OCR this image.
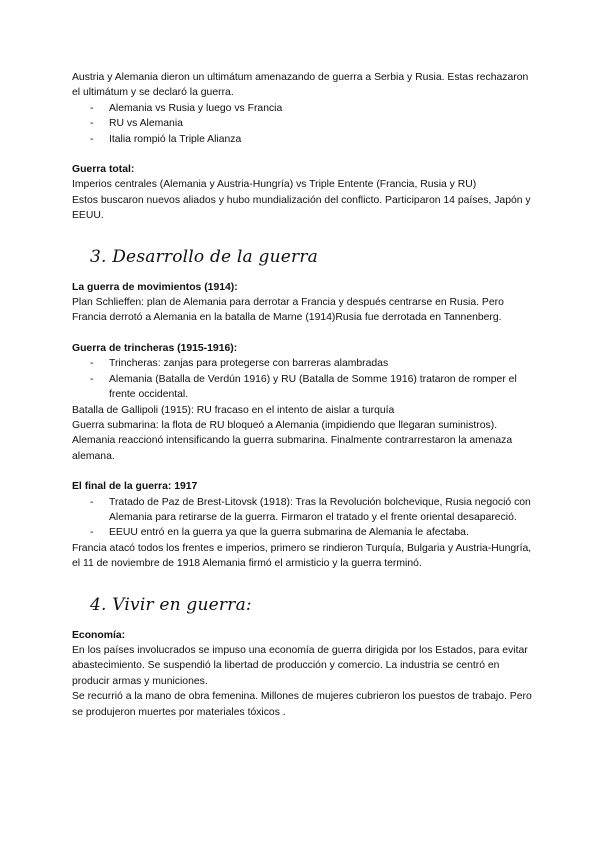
Austria y Alemania dieron un ultimátum amenazando de guerra a Serbia y Rusia. Estas rechazaron el ultimátum y se declaró la guerra.

- Alemania vs Rusia y luego vs Francia
- RU vs Alemania
- Italia rompió la Triple Alianza

Guerra total:

Imperios centrales (Alemania y Austria-Hungría) vs Triple Entente (Francia, Rusia y RU)

Estos buscaron nuevos aliados y hubo mundialización del conflicto. Participaron 14 países, Japón y EEUU.

3. Desarrollo de la guerra

La guerra de movimientos (1914):

Plan Schlieffen: plan de Alemania para derrotar a Francia y después centrarse en Rusia. Pero Francia derrotó a Alemania en la batalla de Marne (1914)Rusia fue derrotada en Tannenberg.

Guerra de trincheras (1915-1916):

- Trincheras: zanjas para protegerse con barreras alambradas
- Alemania (Batalla de Verdún 1916) y RU (Batalla de Somme 1916) trataron de romper el frente occidental.

Batalla de Gallipoli (1915): RU fracaso en el intento de aislar a turquía

Guerra submarina: la flota de RU bloqueó a Alemania (impidiendo que llegaran suministros). Alemania reaccionó intensificando la guerra submarina. Finalmente contrarrestaron la amenaza alemana.

El final de la guerra: 1917

- Tratado de Paz de Brest-Litovsk (1918): Tras la Revolución bolchevique, Rusia negoció con Alemania para retirarse de la guerra. Firmaron el tratado y el frente oriental desapareció.
- EEUU entró en la guerra ya que la guerra submarina de Alemania le afectaba.

Francia atacó todos los frentes e imperios, primero se rindieron Turquía, Bulgaria y Austria-Hungría, el 11 de noviembre de 1918 Alemania firmó el armisticio y la guerra terminó.

4. Vivir en guerra:

Economía:

En los países involucrados se impuso una economía de guerra dirigida por los Estados, para evitar abastecimiento. Se suspendió la libertad de producción y comercio. La industria se centró en producir armas y municiones.

Se recurrió a la mano de obra femenina. Millones de mujeres cubrieron los puestos de trabajo. Pero se produjeron muertes por materiales tóxicos .
